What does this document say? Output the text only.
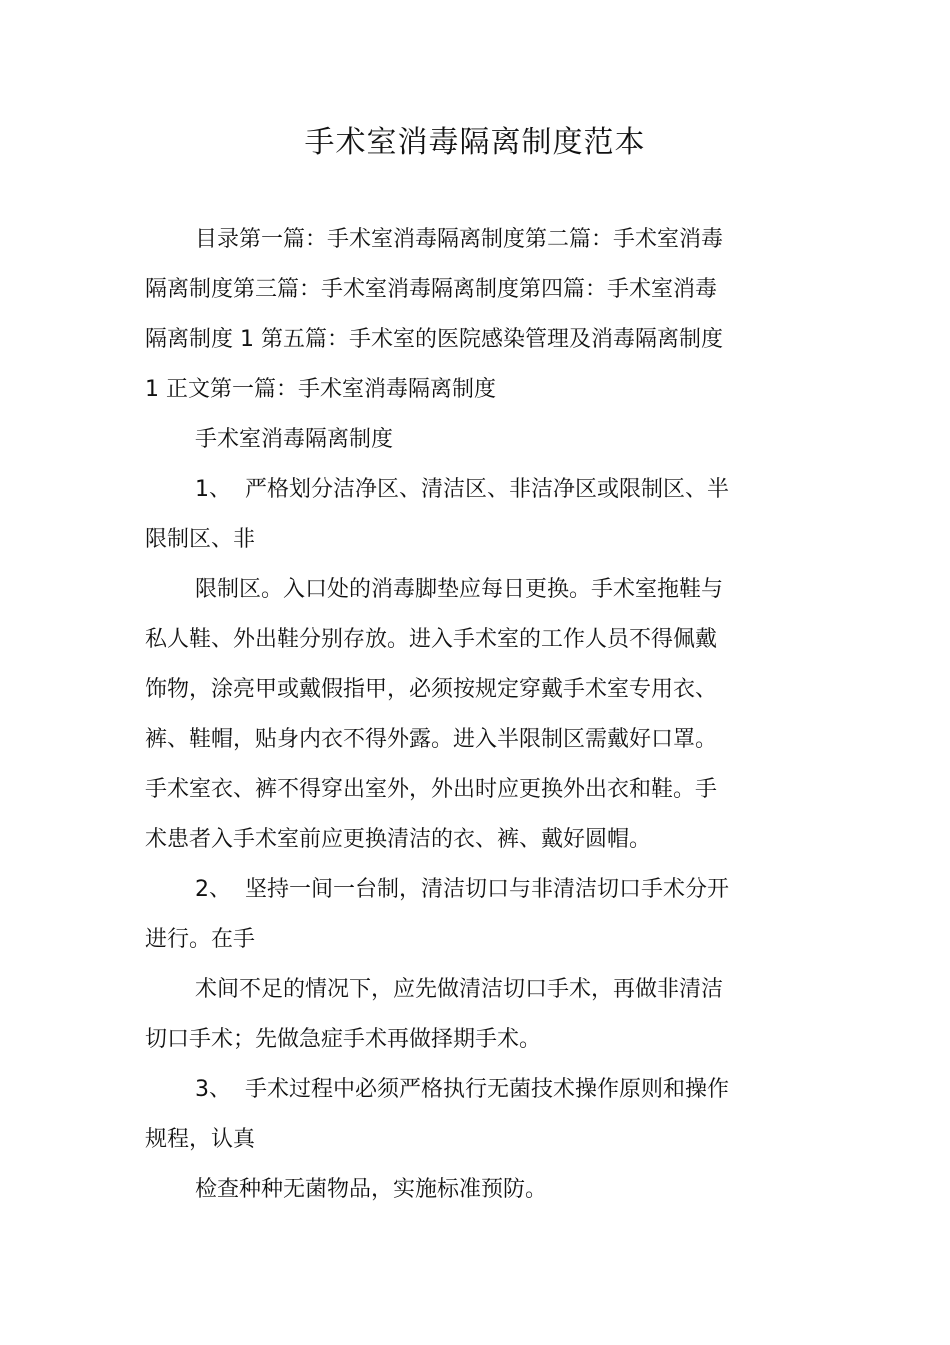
手术室消毒隔离制度范本
目录第一篇：手术室消毒隔离制度第二篇：手术室消毒
隔离制度第三篇：手术室消毒隔离制度第四篇：手术室消毒
隔离制度 1 第五篇：手术室的医院感染管理及消毒隔离制度
1 正文第一篇：手术室消毒隔离制度
手术室消毒隔离制度
1、 严格划分洁净区、清洁区、非洁净区或限制区、半
限制区、非
限制区。入口处的消毒脚垫应每日更换。手术室拖鞋与
私人鞋、外出鞋分别存放。进入手术室的工作人员不得佩戴
饰物，涂亮甲或戴假指甲，必须按规定穿戴手术室专用衣、
裤、鞋帽，贴身内衣不得外露。进入半限制区需戴好口罩。
手术室衣、裤不得穿出室外，外出时应更换外出衣和鞋。手
术患者入手术室前应更换清洁的衣、裤、戴好圆帽。
2、 坚持一间一台制，清洁切口与非清洁切口手术分开
进行。在手
术间不足的情况下，应先做清洁切口手术，再做非清洁
切口手术；先做急症手术再做择期手术。
3、 手术过程中必须严格执行无菌技术操作原则和操作
规程，认真
检查种种无菌物品，实施标准预防。
